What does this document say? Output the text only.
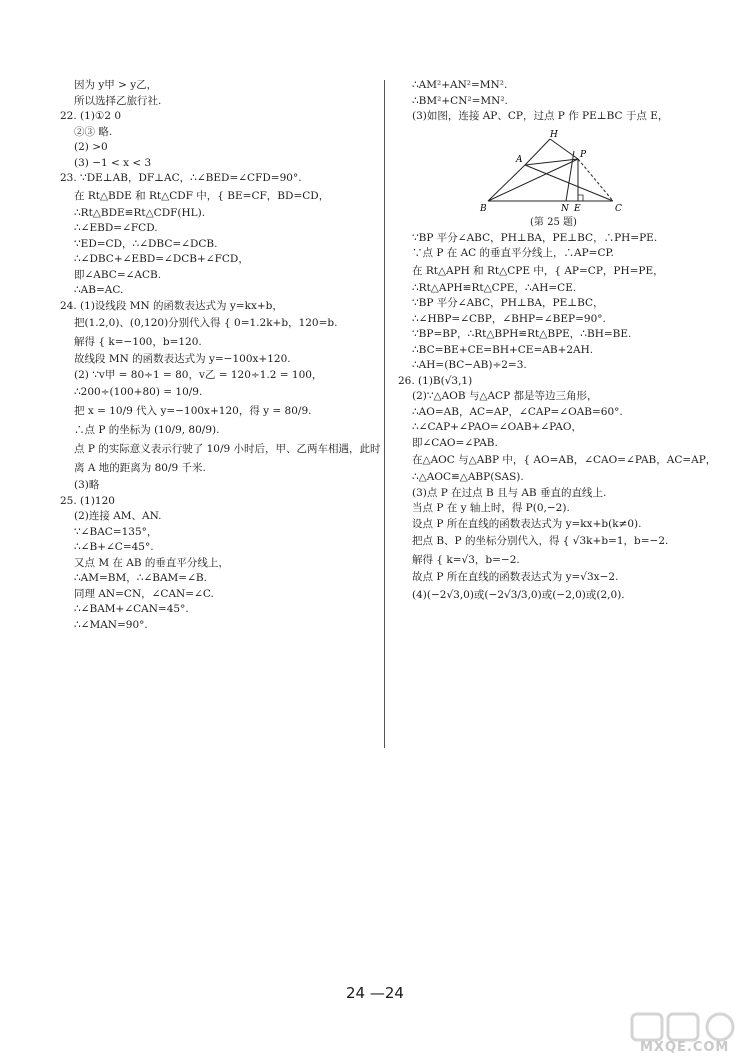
因为 y甲 > y乙，
所以选择乙旅行社.
22. (1)①2 0
②③ 略.
(2) >0
(3) −1 < x < 3
23. ∵DE⊥AB，DF⊥AC，∴∠BED=∠CFD=90°.
在 Rt△BDE 和 Rt△CDF 中，{ BE=CF，BD=CD，
∴Rt△BDE≌Rt△CDF(HL).
∴∠EBD=∠FCD.
∵ED=CD，∴∠DBC=∠DCB.
∴∠DBC+∠EBD=∠DCB+∠FCD，
即∠ABC=∠ACB.
∴AB=AC.
24. (1)设线段 MN 的函数表达式为 y=kx+b，
把(1.2,0)、(0,120)分别代入得 { 0=1.2k+b，120=b.
解得 { k=−100，b=120.
故线段 MN 的函数表达式为 y=−100x+120.
(2) ∵v甲 = 80÷1 = 80，v乙 = 120÷1.2 = 100，
∴200÷(100+80) = 10/9.
把 x = 10/9 代入 y=−100x+120，得 y = 80/9.
∴点 P 的坐标为 (10/9, 80/9).
点 P 的实际意义表示行驶了 10/9 小时后，甲、乙两车相遇，此时
离 A 地的距离为 80/9 千米.
(3)略
25. (1)120
(2)连接 AM、AN.
∵∠BAC=135°，
∴∠B+∠C=45°.
又点 M 在 AB 的垂直平分线上，
∴AM=BM，∴∠BAM=∠B.
同理 AN=CN，∠CAN=∠C.
∴∠BAM+∠CAN=45°.
∴∠MAN=90°.
∴AM²+AN²=MN².
∴BM²+CN²=MN².
(3)如图，连接 AP、CP，过点 P 作 PE⊥BC 于点 E，
B
A
H
P
N E	C
(第 25 题)
∵BP 平分∠ABC，PH⊥BA，PE⊥BC，∴PH=PE.
∵点 P 在 AC 的垂直平分线上，∴AP=CP.
在 Rt△APH 和 Rt△CPE 中，{ AP=CP，PH=PE，
∴Rt△APH≌Rt△CPE，∴AH=CE.
∵BP 平分∠ABC，PH⊥BA，PE⊥BC，
∴∠HBP=∠CBP，∠BHP=∠BEP=90°.
∵BP=BP，∴Rt△BPH≌Rt△BPE，∴BH=BE.
∴BC=BE+CE=BH+CE=AB+2AH.
∴AH=(BC−AB)÷2=3.
26. (1)B(√3,1)
(2)∵△AOB 与△ACP 都是等边三角形，
∴AO=AB，AC=AP，∠CAP=∠OAB=60°.
∴∠CAP+∠PAO=∠OAB+∠PAO，
即∠CAO=∠PAB.
在△AOC 与△ABP 中，{ AO=AB，∠CAO=∠PAB，AC=AP，
∴△AOC≌△ABP(SAS).
(3)点 P 在过点 B 且与 AB 垂直的直线上.
当点 P 在 y 轴上时，得 P(0,−2).
设点 P 所在直线的函数表达式为 y=kx+b(k≠0).
把点 B、P 的坐标分别代入，得 { √3k+b=1，b=−2.
解得 { k=√3，b=−2.
故点 P 所在直线的函数表达式为 y=√3x−2.
(4)(−2√3,0)或(−2√3/3,0)或(−2,0)或(2,0).
24 —24
MXQE.COM
